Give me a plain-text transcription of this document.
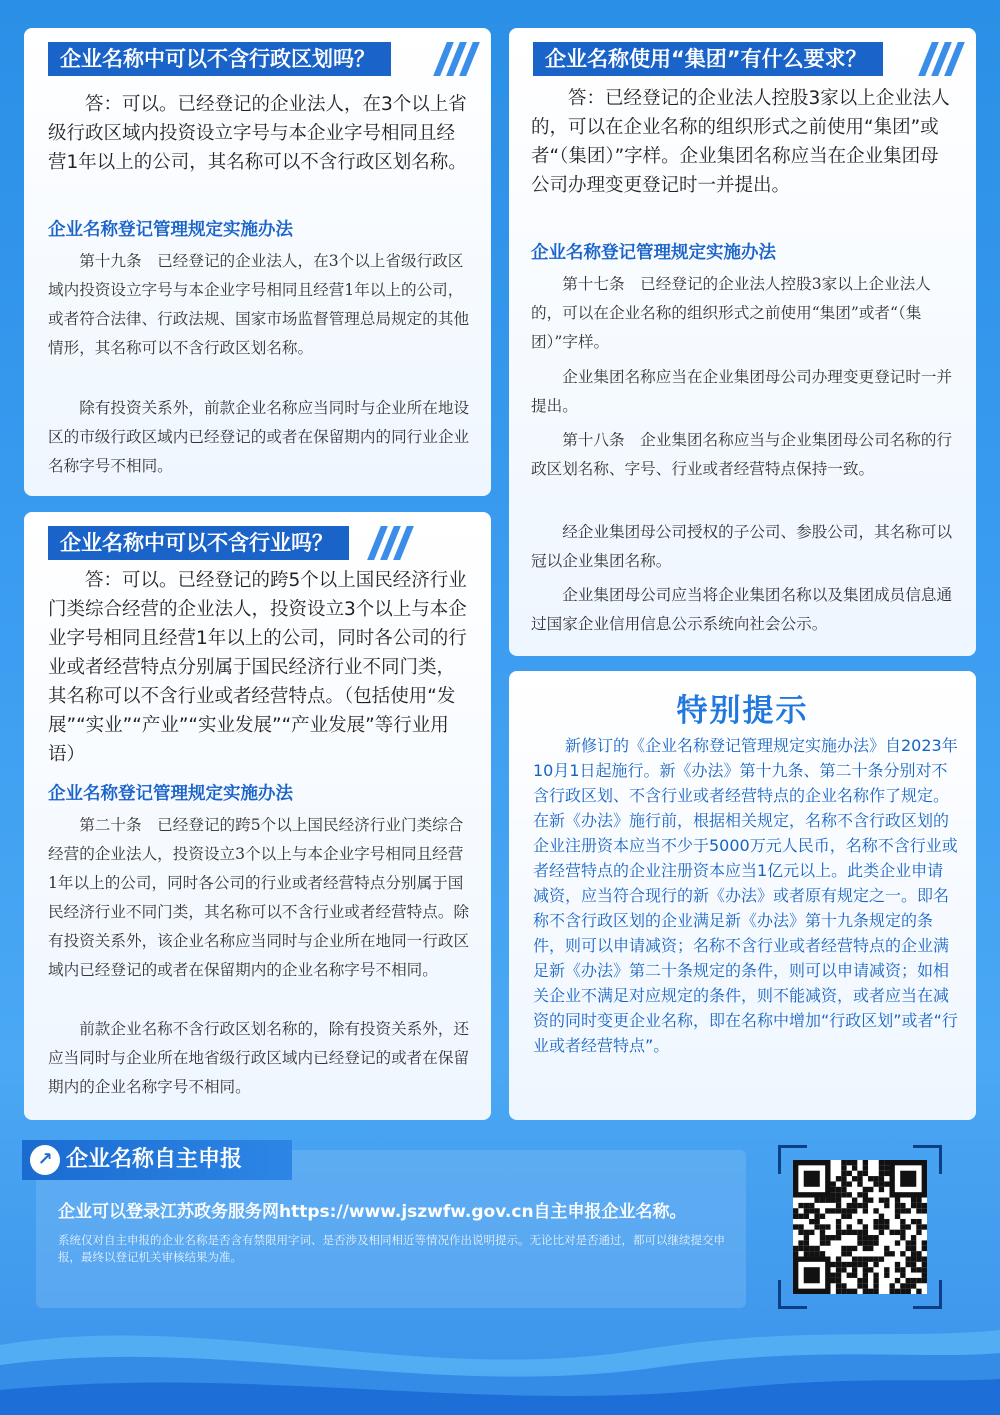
企业名称中可以不含行政区划吗？

答：可以。已经登记的企业法人，在3个以上省级行政区域内投资设立字号与本企业字号相同且经营1年以上的公司，其名称可以不含行政区划名称。

企业名称登记管理规定实施办法

第十九条　已经登记的企业法人，在3个以上省级行政区域内投资设立字号与本企业字号相同且经营1年以上的公司，或者符合法律、行政法规、国家市场监督管理总局规定的其他情形，其名称可以不含行政区划名称。

除有投资关系外，前款企业名称应当同时与企业所在地设区的市级行政区域内已经登记的或者在保留期内的同行业企业名称字号不相同。

企业名称中可以不含行业吗？

答：可以。已经登记的跨5个以上国民经济行业门类综合经营的企业法人，投资设立3个以上与本企业字号相同且经营1年以上的公司，同时各公司的行业或者经营特点分别属于国民经济行业不同门类，其名称可以不含行业或者经营特点。（包括使用“发展”“实业”“产业”“实业发展”“产业发展”等行业用语）

企业名称登记管理规定实施办法

第二十条　已经登记的跨5个以上国民经济行业门类综合经营的企业法人，投资设立3个以上与本企业字号相同且经营1年以上的公司，同时各公司的行业或者经营特点分别属于国民经济行业不同门类，其名称可以不含行业或者经营特点。除有投资关系外，该企业名称应当同时与企业所在地同一行政区域内已经登记的或者在保留期内的企业名称字号不相同。

前款企业名称不含行政区划名称的，除有投资关系外，还应当同时与企业所在地省级行政区域内已经登记的或者在保留期内的企业名称字号不相同。

企业名称使用“集团”有什么要求？

答：已经登记的企业法人控股3家以上企业法人的，可以在企业名称的组织形式之前使用“集团”或者“（集团）”字样。企业集团名称应当在企业集团母公司办理变更登记时一并提出。

企业名称登记管理规定实施办法

第十七条　已经登记的企业法人控股3家以上企业法人的，可以在企业名称的组织形式之前使用“集团”或者“（集团）”字样。

企业集团名称应当在企业集团母公司办理变更登记时一并提出。

第十八条　企业集团名称应当与企业集团母公司名称的行政区划名称、字号、行业或者经营特点保持一致。

经企业集团母公司授权的子公司、参股公司，其名称可以冠以企业集团名称。

企业集团母公司应当将企业集团名称以及集团成员信息通过国家企业信用信息公示系统向社会公示。

特别提示

新修订的《企业名称登记管理规定实施办法》自2023年10月1日起施行。新《办法》第十九条、第二十条分别对不含行政区划、不含行业或者经营特点的企业名称作了规定。在新《办法》施行前，根据相关规定，名称不含行政区划的企业注册资本应当不少于5000万元人民币，名称不含行业或者经营特点的企业注册资本应当1亿元以上。此类企业申请减资，应当符合现行的新《办法》或者原有规定之一。即名称不含行政区划的企业满足新《办法》第十九条规定的条件，则可以申请减资；名称不含行业或者经营特点的企业满足新《办法》第二十条规定的条件，则可以申请减资；如相关企业不满足对应规定的条件，则不能减资，或者应当在减资的同时变更企业名称，即在名称中增加“行政区划”或者“行业或者经营特点”。

↗ 企业名称自主申报
企业可以登录江苏政务服务网https://www.jszwfw.gov.cn自主申报企业名称。

系统仅对自主申报的企业名称是否含有禁限用字词、是否涉及相同相近等情况作出说明提示。无论比对是否通过，都可以继续提交申报，最终以登记机关审核结果为准。
